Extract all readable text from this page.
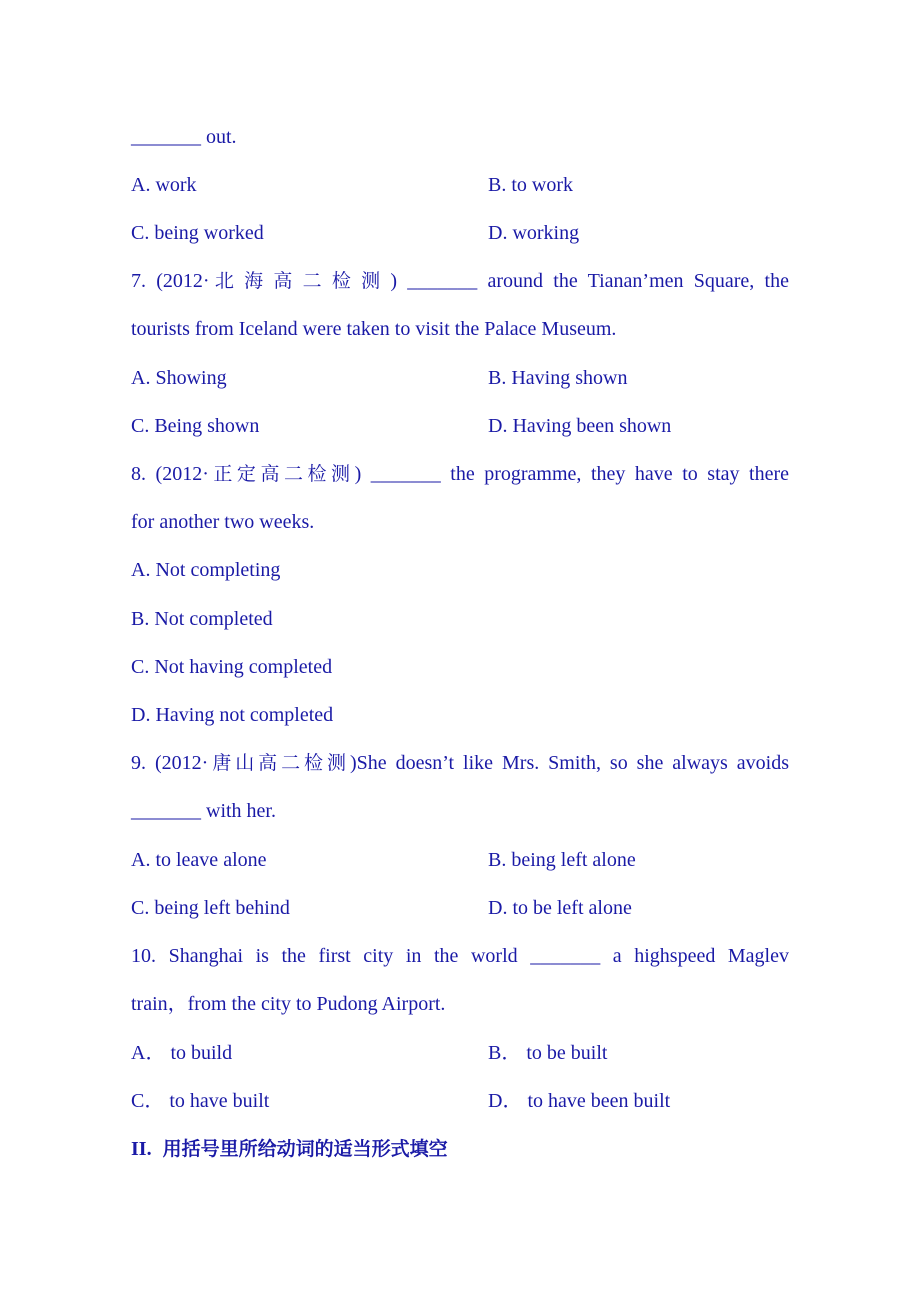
_______ out.
A. work	B. to work
C. being worked	D. working
7. (2012·北海高二检测) _______ around the Tianan’men Square, the
tourists from Iceland were taken to visit the Palace Museum.
A. Showing	B. Having shown
C. Being shown	D. Having been shown
8. (2012·正定高二检测) _______ the programme, they have to stay there
for another two weeks.
A. Not completing
B. Not completed
C. Not having completed
D. Having not completed
9. (2012·唐山高二检测)She doesn’t like Mrs. Smith, so she always avoids
_______ with her.
A. to leave alone	B. being left alone
C. being left behind	D. to be left alone
10. Shanghai is the first city in the world _______ a highspeed Maglev
train，from the city to Pudong Airport.
A． to build	B． to be built
C． to have built	D． to have been built
II. 用括号里所给动词的适当形式填空
